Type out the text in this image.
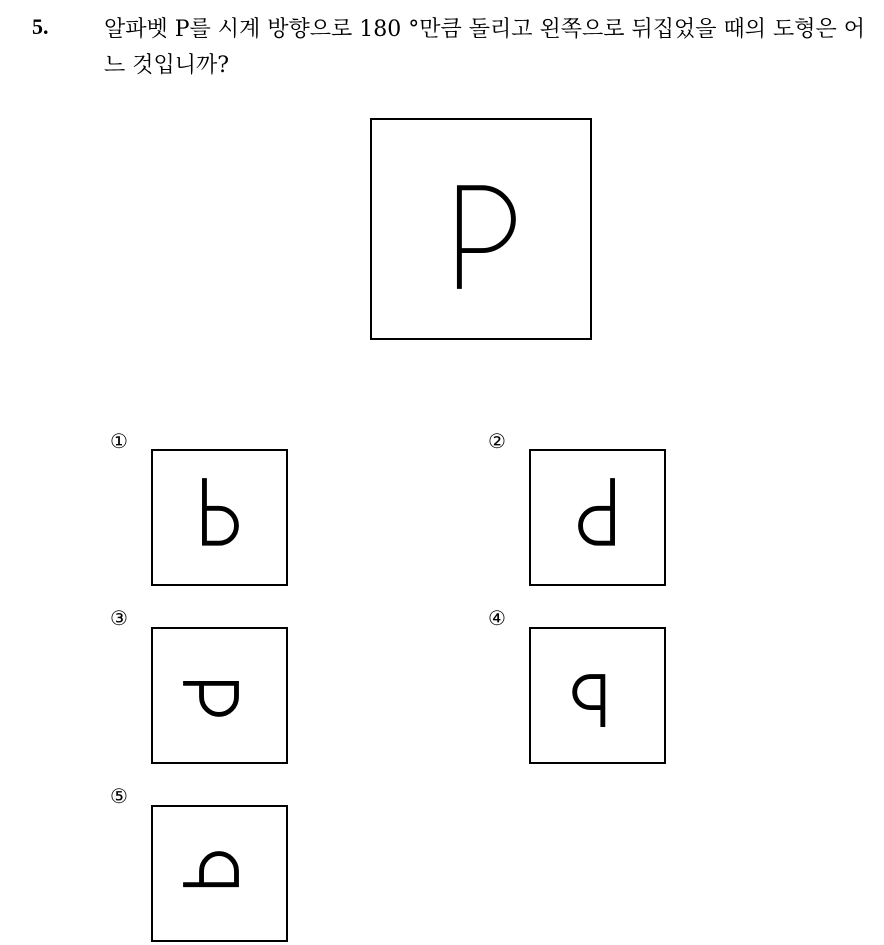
5.	알파벳 P를 시계 방향으로 180 °만큼 돌리고 왼쪽으로 뒤집었을 때의 도형은 어느 것입니까?
①	②
③	④
⑤
